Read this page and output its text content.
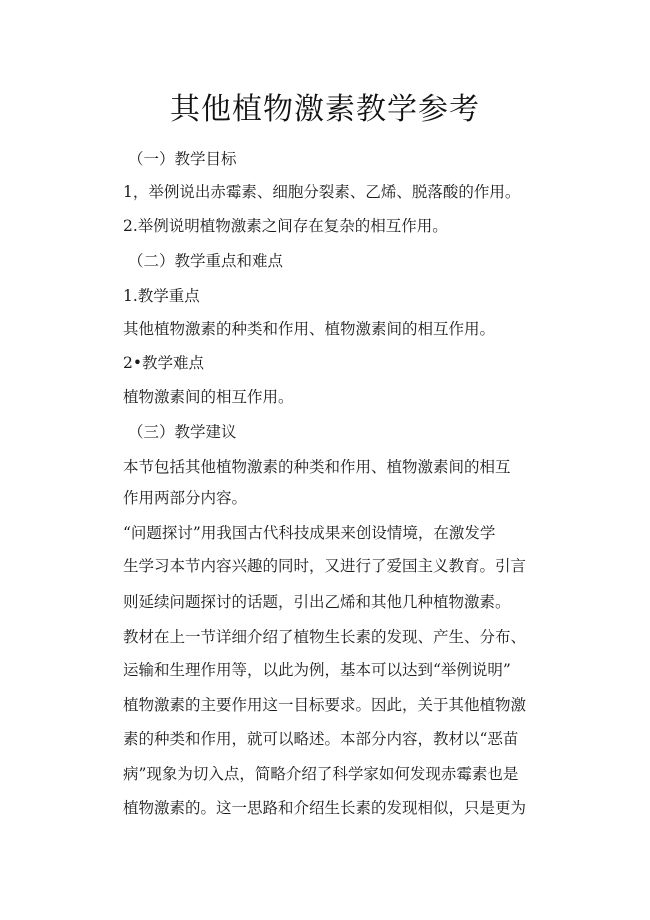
其他植物激素教学参考
（一）教学目标
1，举例说出赤霉素、细胞分裂素、乙烯、脱落酸的作用。
2.举例说明植物激素之间存在复杂的相互作用。
（二）教学重点和难点
1.教学重点
其他植物激素的种类和作用、植物激素间的相互作用。
2•教学难点
植物激素间的相互作用。
（三）教学建议
本节包括其他植物激素的种类和作用、植物激素间的相互
作用两部分内容。
“问题探讨”用我国古代科技成果来创设情境，在激发学
生学习本节内容兴趣的同时，又进行了爱国主义教育。引言
则延续问题探讨的话题，引出乙烯和其他几种植物激素。
教材在上一节详细介绍了植物生长素的发现、产生、分布、
运输和生理作用等，以此为例，基本可以达到“举例说明”
植物激素的主要作用这一目标要求。因此，关于其他植物激
素的种类和作用，就可以略述。本部分内容，教材以“恶苗
病”现象为切入点，简略介绍了科学家如何发现赤霉素也是
植物激素的。这一思路和介绍生长素的发现相似，只是更为
